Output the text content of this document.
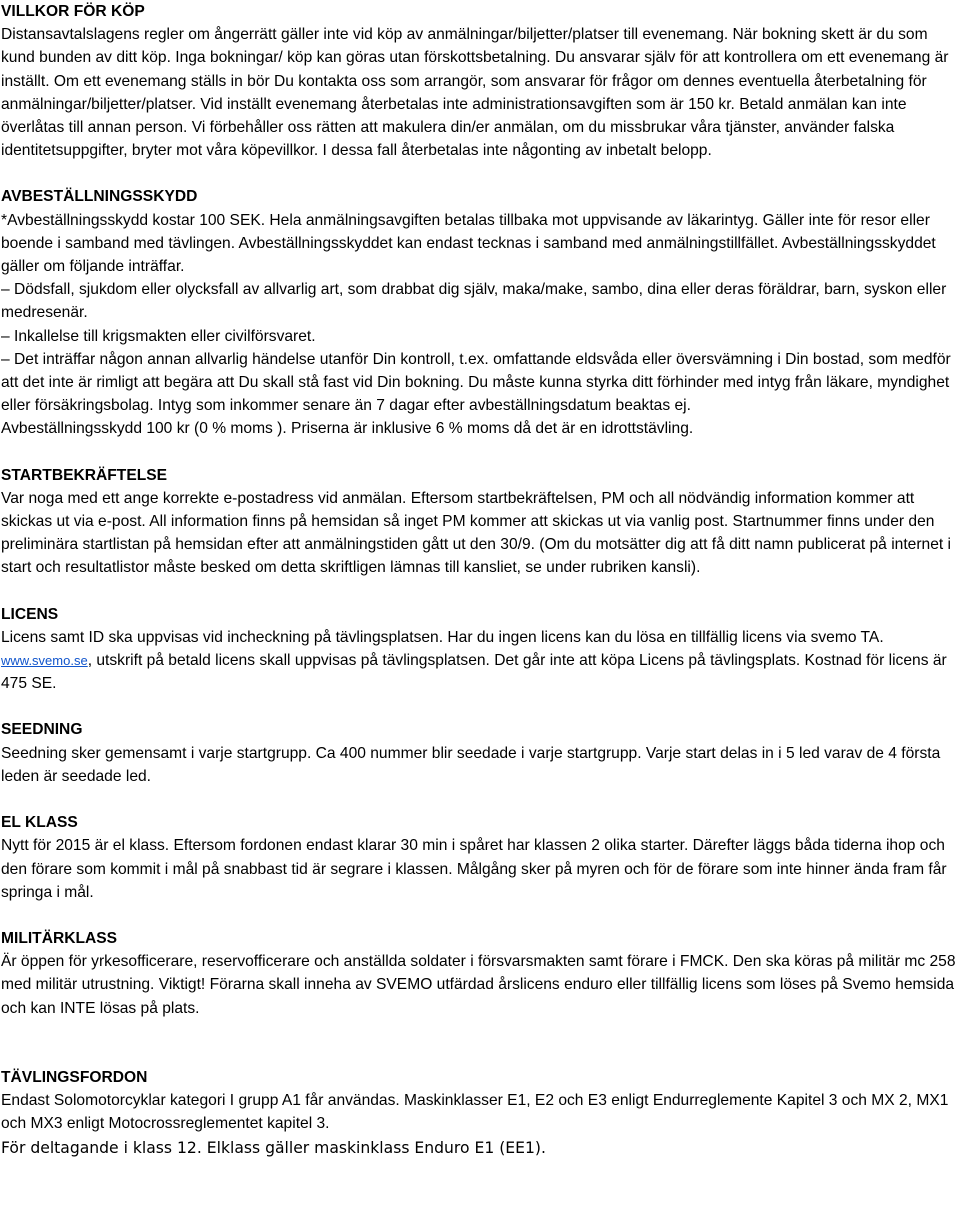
VILLKOR FÖR KÖP
Distansavtalslagens regler om ångerrätt gäller inte vid köp av anmälningar/biljetter/platser till evenemang. När bokning skett är du som kund bunden av ditt köp. Inga bokningar/ köp kan göras utan förskottsbetalning. Du ansvarar själv för att kontrollera om ett evenemang är inställt. Om ett evenemang ställs in bör Du kontakta oss som arrangör, som ansvarar för frågor om dennes eventuella återbetalning för anmälningar/biljetter/platser. Vid inställt evenemang återbetalas inte administrationsavgiften som är 150 kr. Betald anmälan kan inte överlåtas till annan person. Vi förbehåller oss rätten att makulera din/er anmälan, om du missbrukar våra tjänster, använder falska identitetsuppgifter, bryter mot våra köpevillkor. I dessa fall återbetalas inte någonting av inbetalt belopp.
AVBESTÄLLNINGSSKYDD
*Avbeställningsskydd kostar 100 SEK. Hela anmälningsavgiften betalas tillbaka mot uppvisande av läkarintyg. Gäller inte för resor eller boende i samband med tävlingen. Avbeställningsskyddet kan endast tecknas i samband med anmälningstillfället. Avbeställningsskyddet gäller om följande inträffar.
– Dödsfall, sjukdom eller olycksfall av allvarlig art, som drabbat dig själv, maka/make, sambo, dina eller deras föräldrar, barn, syskon eller medresenär.
– Inkallelse till krigsmakten eller civilförsvaret.
– Det inträffar någon annan allvarlig händelse utanför Din kontroll, t.ex. omfattande eldsvåda eller översvämning i Din bostad, som medför att det inte är rimligt att begära att Du skall stå fast vid Din bokning. Du måste kunna styrka ditt förhinder med intyg från läkare, myndighet eller försäkringsbolag. Intyg som inkommer senare än 7 dagar efter avbeställningsdatum beaktas ej.
Avbeställningsskydd 100 kr (0 % moms ). Priserna är inklusive 6 % moms då det är en idrottstävling.
STARTBEKRÄFTELSE
Var noga med ett ange korrekte e-postadress vid anmälan. Eftersom startbekräftelsen, PM och all nödvändig information kommer att skickas ut via e-post. All information finns på hemsidan så inget PM kommer att skickas ut via vanlig post. Startnummer finns under den preliminära startlistan på hemsidan efter att anmälningstiden gått ut den 30/9. (Om du motsätter dig att få ditt namn publicerat på internet i start och resultatlistor måste besked om detta skriftligen lämnas till kansliet, se under rubriken kansli).
LICENS
Licens samt ID ska uppvisas vid incheckning på tävlingsplatsen. Har du ingen licens kan du lösa en tillfällig licens via svemo TA. www.svemo.se, utskrift på betald licens skall uppvisas på tävlingsplatsen. Det går inte att köpa Licens på tävlingsplats. Kostnad för licens är 475 SE.
SEEDNING
Seedning sker gemensamt i varje startgrupp. Ca 400 nummer blir seedade i varje startgrupp. Varje start delas in i 5 led varav de 4 första leden är seedade led.
EL KLASS
Nytt för 2015 är el klass. Eftersom fordonen endast klarar 30 min i spåret har klassen 2 olika starter. Därefter läggs båda tiderna ihop och den förare som kommit i mål på snabbast tid är segrare i klassen. Målgång sker på myren och för de förare som inte hinner ända fram får springa i mål.
MILITÄRKLASS
Är öppen för yrkesofficerare, reservofficerare och anställda soldater i försvarsmakten samt förare i FMCK. Den ska köras på militär mc 258 med militär utrustning. Viktigt! Förarna skall inneha av SVEMO utfärdad årslicens enduro eller tillfällig licens som löses på Svemo hemsida och kan INTE lösas på plats.
TÄVLINGSFORDON
Endast Solomotorcyklar kategori I grupp A1 får användas. Maskinklasser E1, E2 och E3 enligt Endurreglemente Kapitel 3 och MX 2, MX1 och MX3 enligt Motocrossreglementet kapitel 3.
För deltagande i klass 12. Elklass gäller maskinklass Enduro E1 (EE1).
